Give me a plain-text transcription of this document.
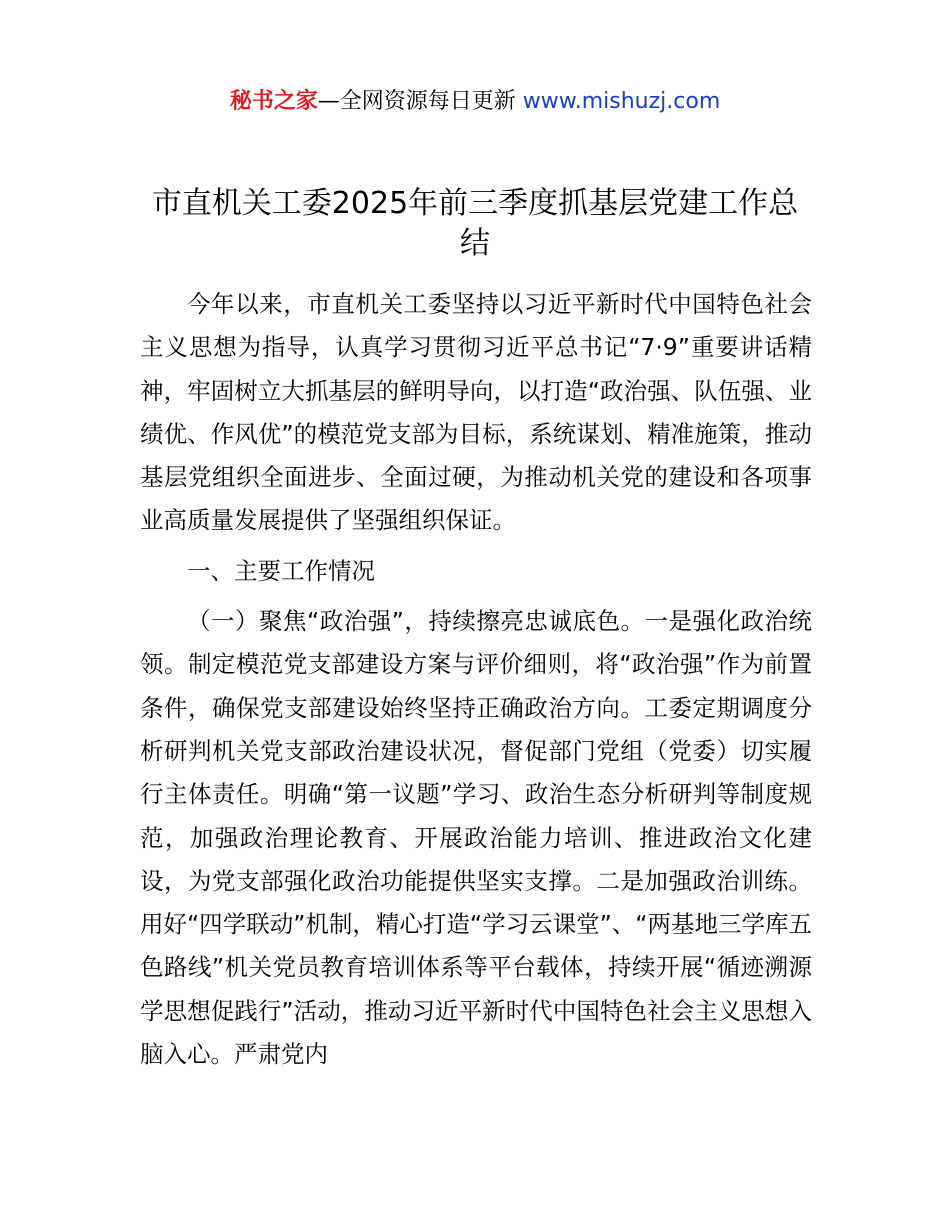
秘书之家—全网资源每日更新 www.mishuzj.com
市直机关工委2025年前三季度抓基层党建工作总结

今年以来，市直机关工委坚持以习近平新时代中国特色社会主义思想为指导，认真学习贯彻习近平总书记“7·9”重要讲话精神，牢固树立大抓基层的鲜明导向，以打造“政治强、队伍强、业绩优、作风优”的模范党支部为目标，系统谋划、精准施策，推动基层党组织全面进步、全面过硬，为推动机关党的建设和各项事业高质量发展提供了坚强组织保证。

一、主要工作情况

（一）聚焦“政治强”，持续擦亮忠诚底色。一是强化政治统领。制定模范党支部建设方案与评价细则，将“政治强”作为前置条件，确保党支部建设始终坚持正确政治方向。工委定期调度分析研判机关党支部政治建设状况，督促部门党组（党委）切实履行主体责任。明确“第一议题”学习、政治生态分析研判等制度规范，加强政治理论教育、开展政治能力培训、推进政治文化建设，为党支部强化政治功能提供坚实支撑。二是加强政治训练。用好“四学联动”机制，精心打造“学习云课堂”、“两基地三学库五色路线”机关党员教育培训体系等平台载体，持续开展“循迹溯源学思想促践行”活动，推动习近平新时代中国特色社会主义思想入脑入心。严肃党内
